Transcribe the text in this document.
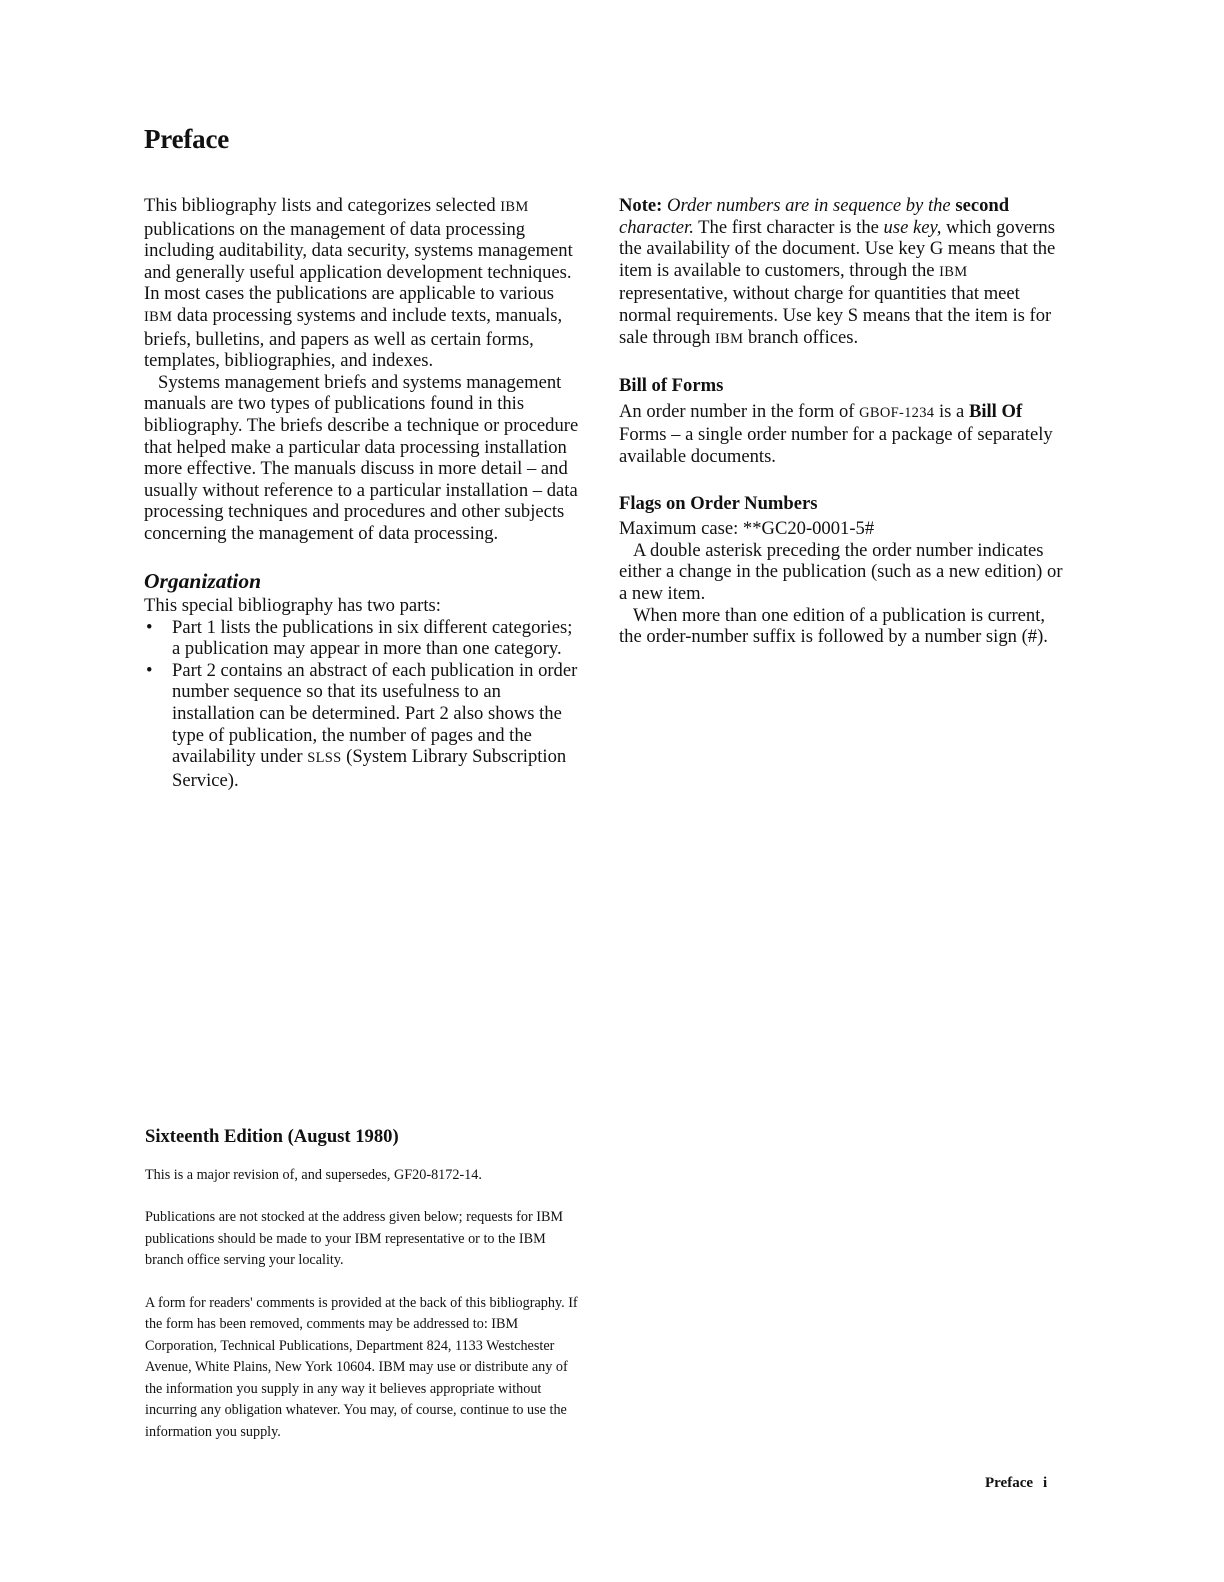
Preface

This bibliography lists and categorizes selected IBM publications on the management of data processing including auditability, data security, systems management and generally useful application development techniques. In most cases the publications are applicable to various IBM data processing systems and include texts, manuals, briefs, bulletins, and papers as well as certain forms, templates, bibliographies, and indexes.

Systems management briefs and systems management manuals are two types of publications found in this bibliography. The briefs describe a technique or procedure that helped make a particular data processing installation more effective. The manuals discuss in more detail – and usually without reference to a particular installation – data processing techniques and procedures and other subjects concerning the management of data processing.

Organization

This special bibliography has two parts:

• Part 1 lists the publications in six different categories; a publication may appear in more than one category.
• Part 2 contains an abstract of each publication in order number sequence so that its usefulness to an installation can be determined. Part 2 also shows the type of publication, the number of pages and the availability under SLSS (System Library Subscription Service).

Note: Order numbers are in sequence by the second
character. The first character is the use key, which governs the availability of the document. Use key G means that the item is available to customers, through the IBM representative, without charge for quantities that meet normal requirements. Use key S means that the item is for sale through IBM branch offices.

Bill of Forms

An order number in the form of GBOF-1234 is a Bill Of Forms – a single order number for a package of separately available documents.

Flags on Order Numbers

Maximum case: **GC20-0001-5#

A double asterisk preceding the order number indicates either a change in the publication (such as a new edition) or a new item.

When more than one edition of a publication is current, the order-number suffix is followed by a number sign (#).

Sixteenth Edition (August 1980)

This is a major revision of, and supersedes, GF20-8172-14.

Publications are not stocked at the address given below; requests for IBM publications should be made to your IBM representative or to the IBM branch office serving your locality.

A form for readers' comments is provided at the back of this bibliography. If the form has been removed, comments may be addressed to: IBM Corporation, Technical Publications, Department 824, 1133 Westchester Avenue, White Plains, New York 10604. IBM may use or distribute any of the information you supply in any way it believes appropriate without incurring any obligation whatever. You may, of course, continue to use the information you supply.

Preface i
